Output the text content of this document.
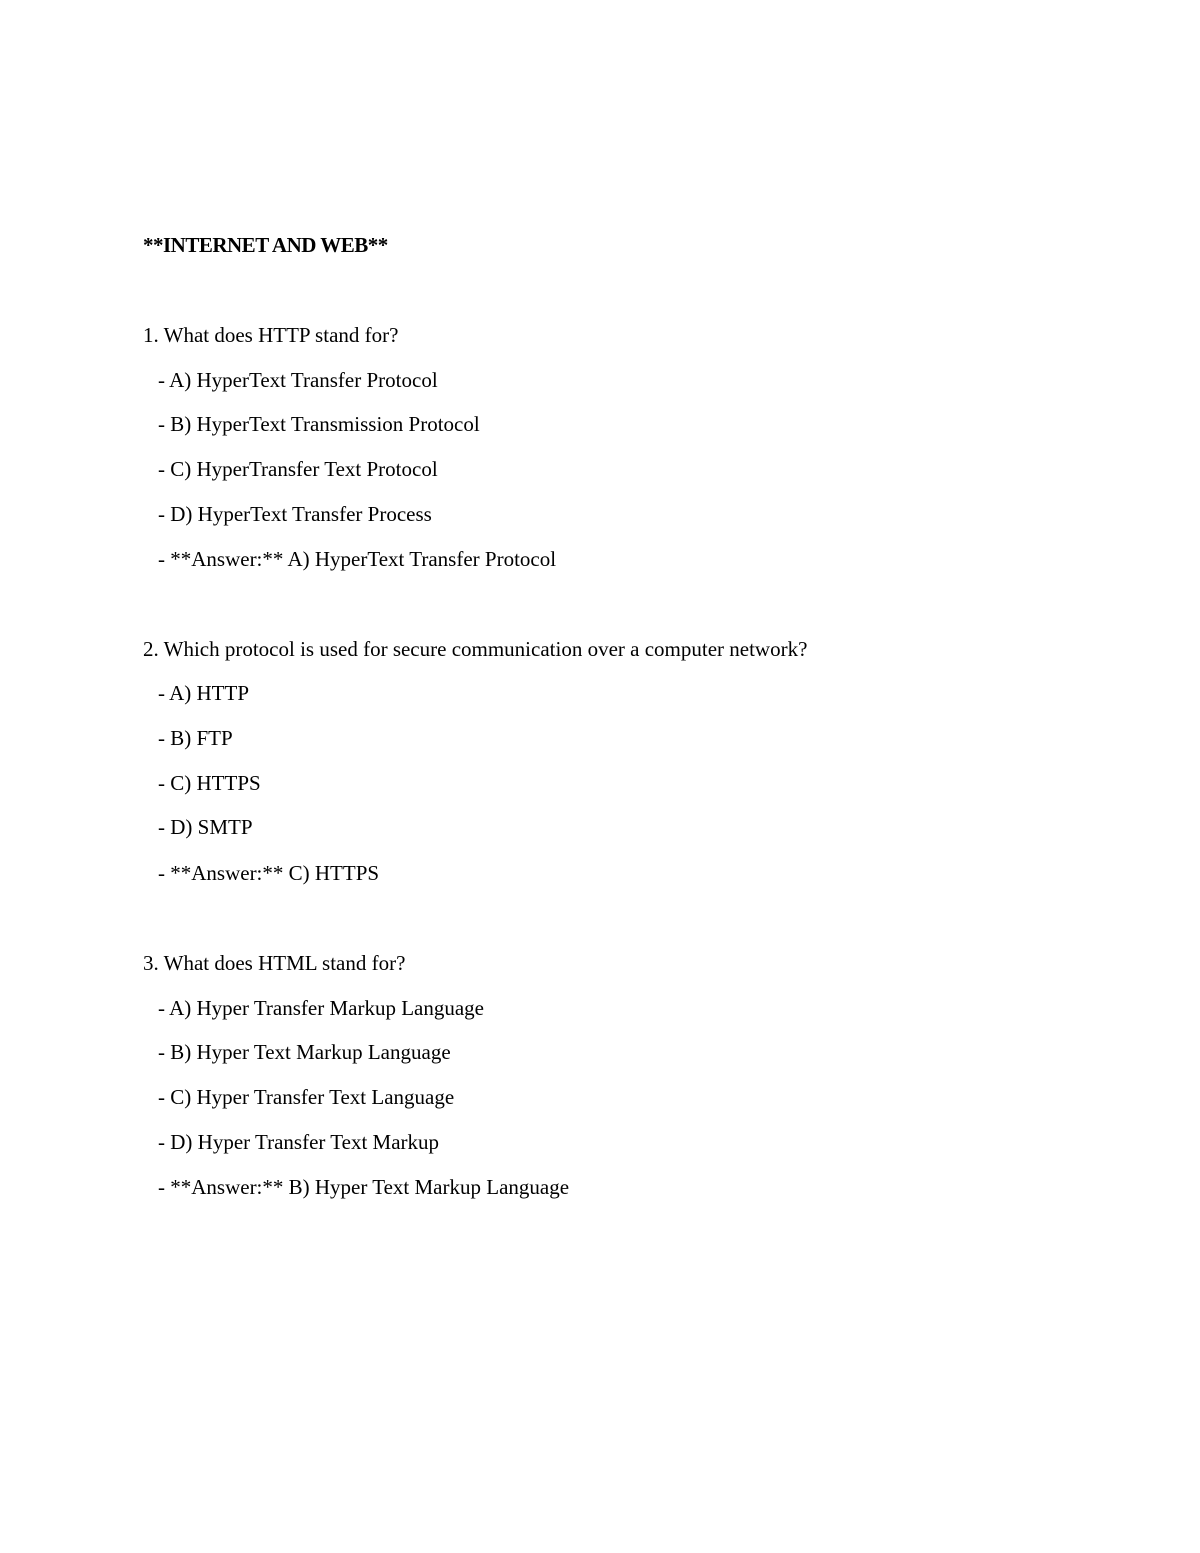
**INTERNET AND WEB**
1. What does HTTP stand for?
- A) HyperText Transfer Protocol
- B) HyperText Transmission Protocol
- C) HyperTransfer Text Protocol
- D) HyperText Transfer Process
- **Answer:** A) HyperText Transfer Protocol
2. Which protocol is used for secure communication over a computer network?
- A) HTTP
- B) FTP
- C) HTTPS
- D) SMTP
- **Answer:** C) HTTPS
3. What does HTML stand for?
- A) Hyper Transfer Markup Language
- B) Hyper Text Markup Language
- C) Hyper Transfer Text Language
- D) Hyper Transfer Text Markup
- **Answer:** B) Hyper Text Markup Language
